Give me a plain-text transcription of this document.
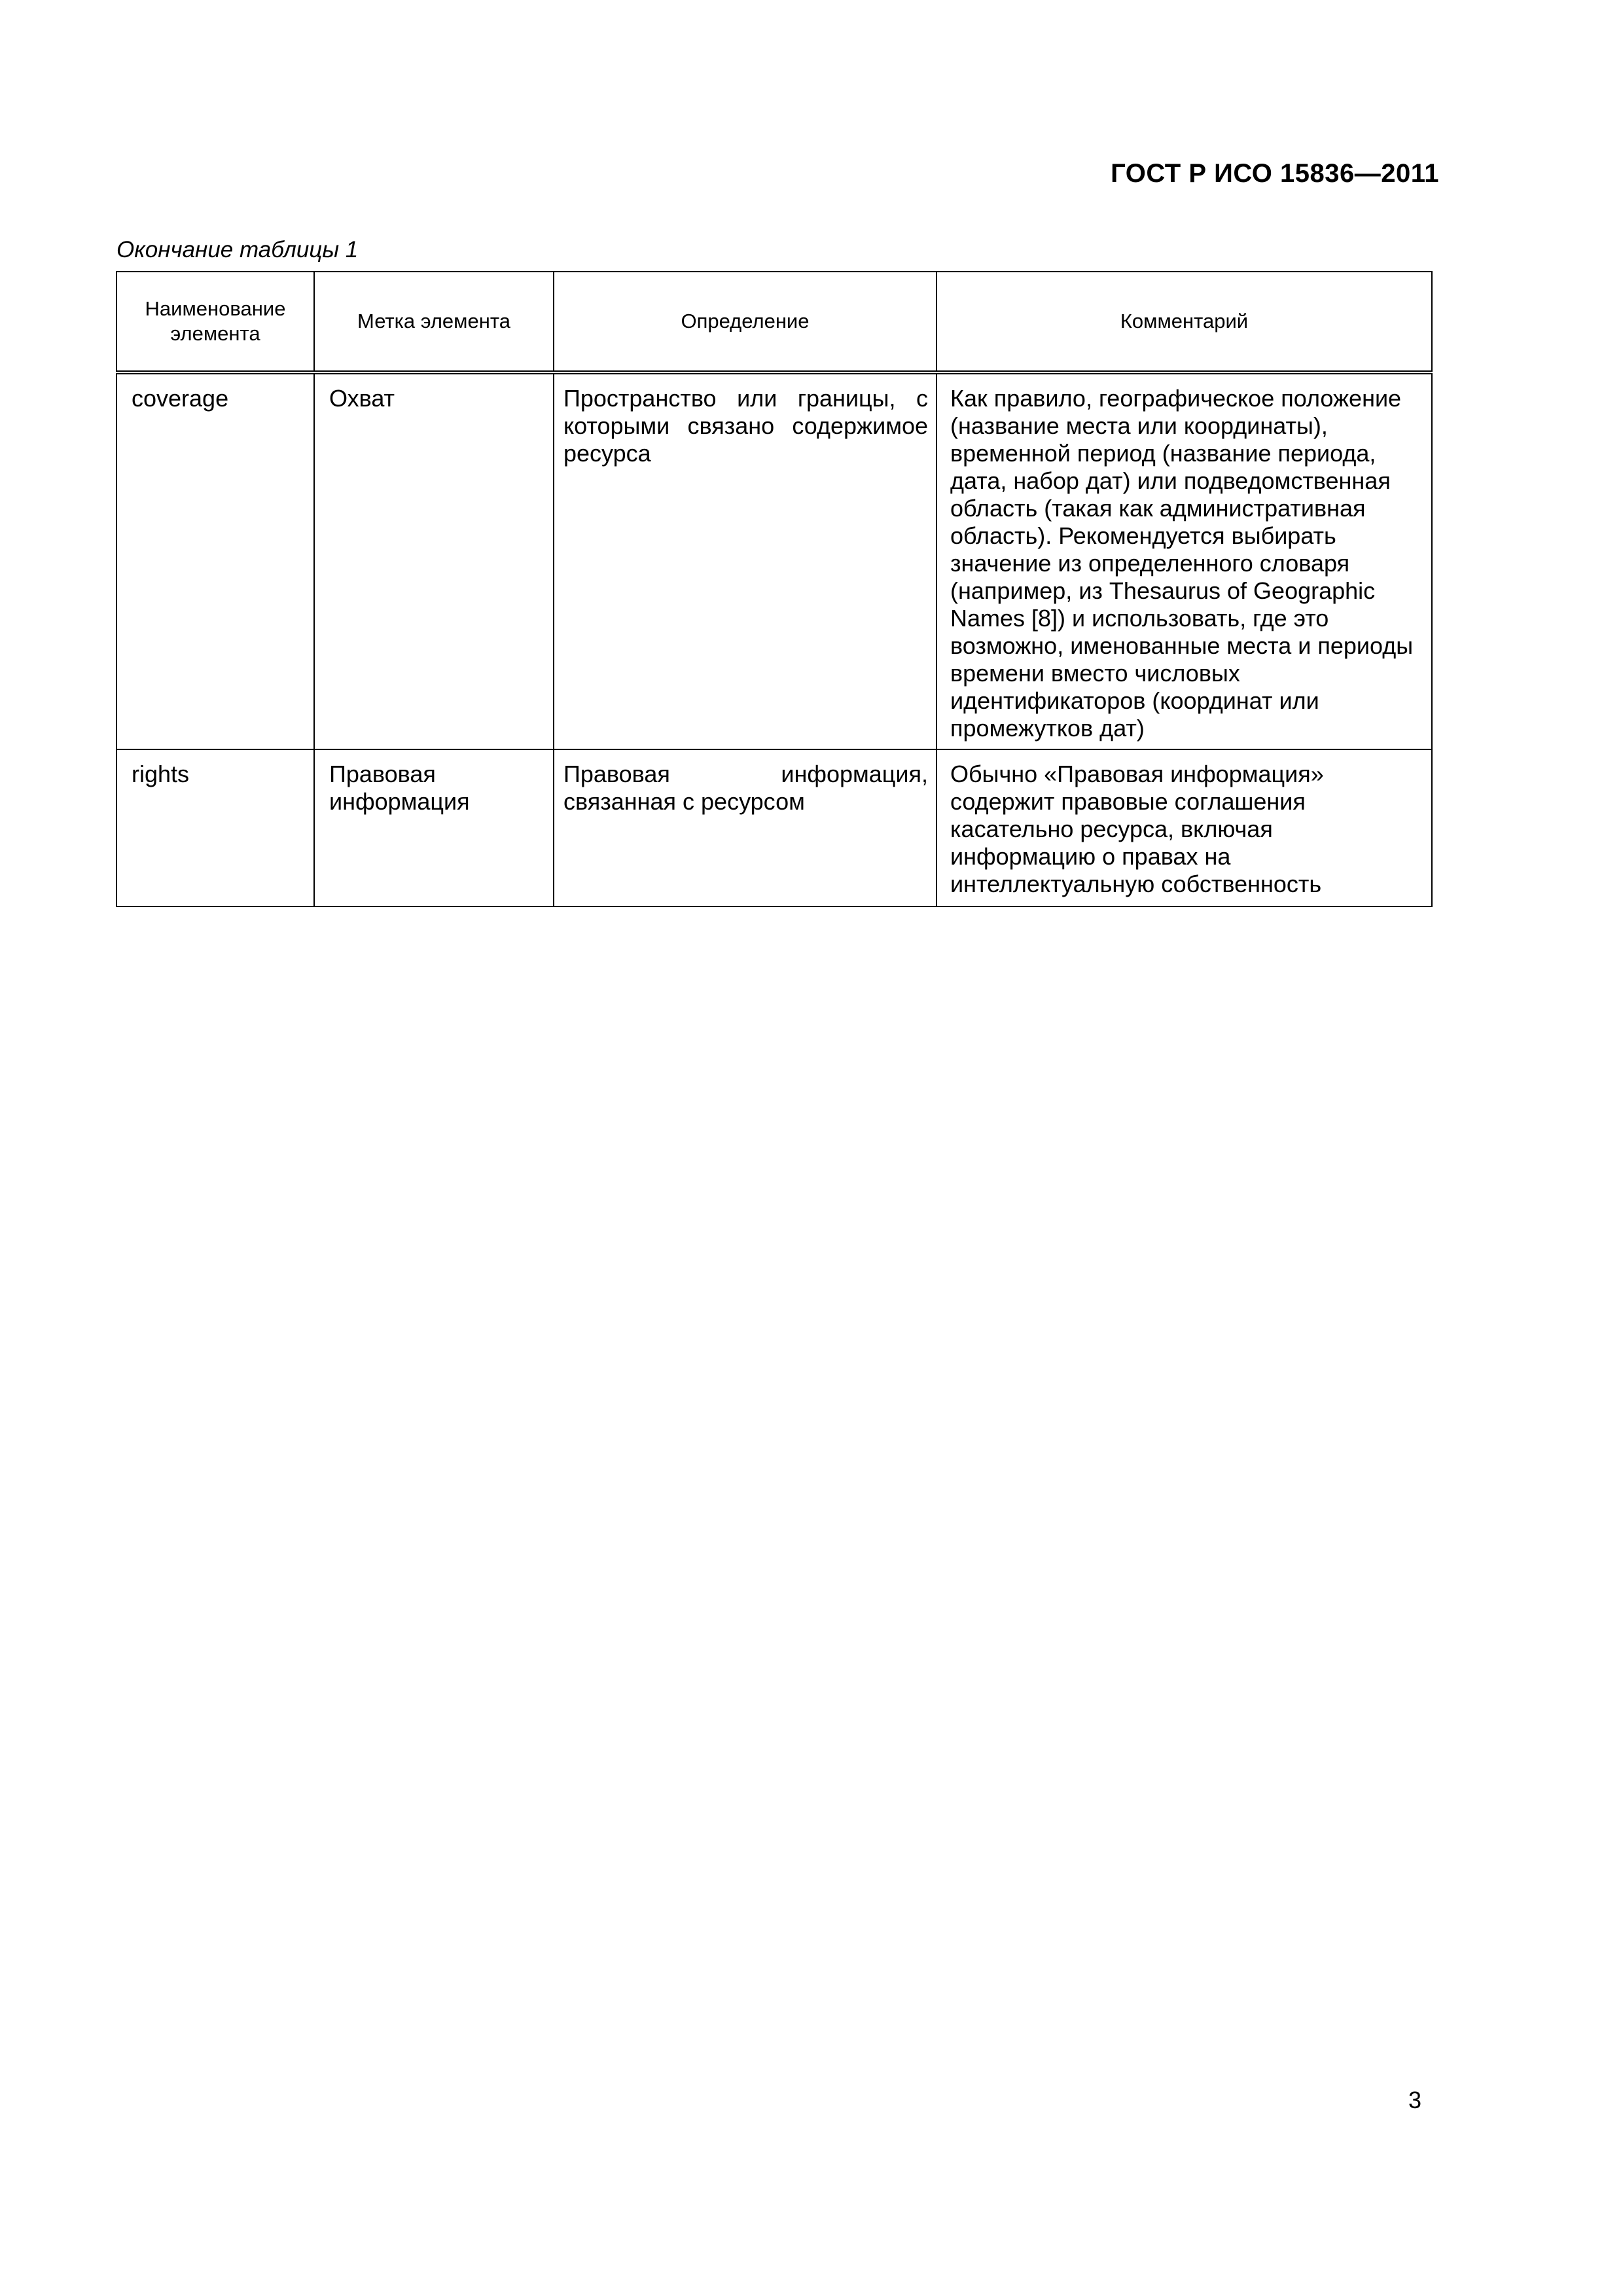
ГОСТ Р ИСО 15836—2011
Окончание таблицы 1
Наименование элемента	Метка элемента	Определение	Комментарий

coverage	Охват	Пространство или границы, с которыми связано содержимое ресурса	Как правило, географическое положение (название места или координаты), временной период (название периода, дата, набор дат) или подведомственная область (такая как административная область). Рекомендуется выбирать значение из определенного словаря (например, из Thesaurus of Geographic Names [8]) и использовать, где это возможно, именованные места и периоды времени вместо числовых идентификаторов (координат или промежутков дат)

rights	Правовая информация	Правовая информация, связанная с ресурсом	Обычно «Правовая информация» содержит правовые соглашения касательно ресурса, включая информацию о правах на интеллектуальную собственность
3
